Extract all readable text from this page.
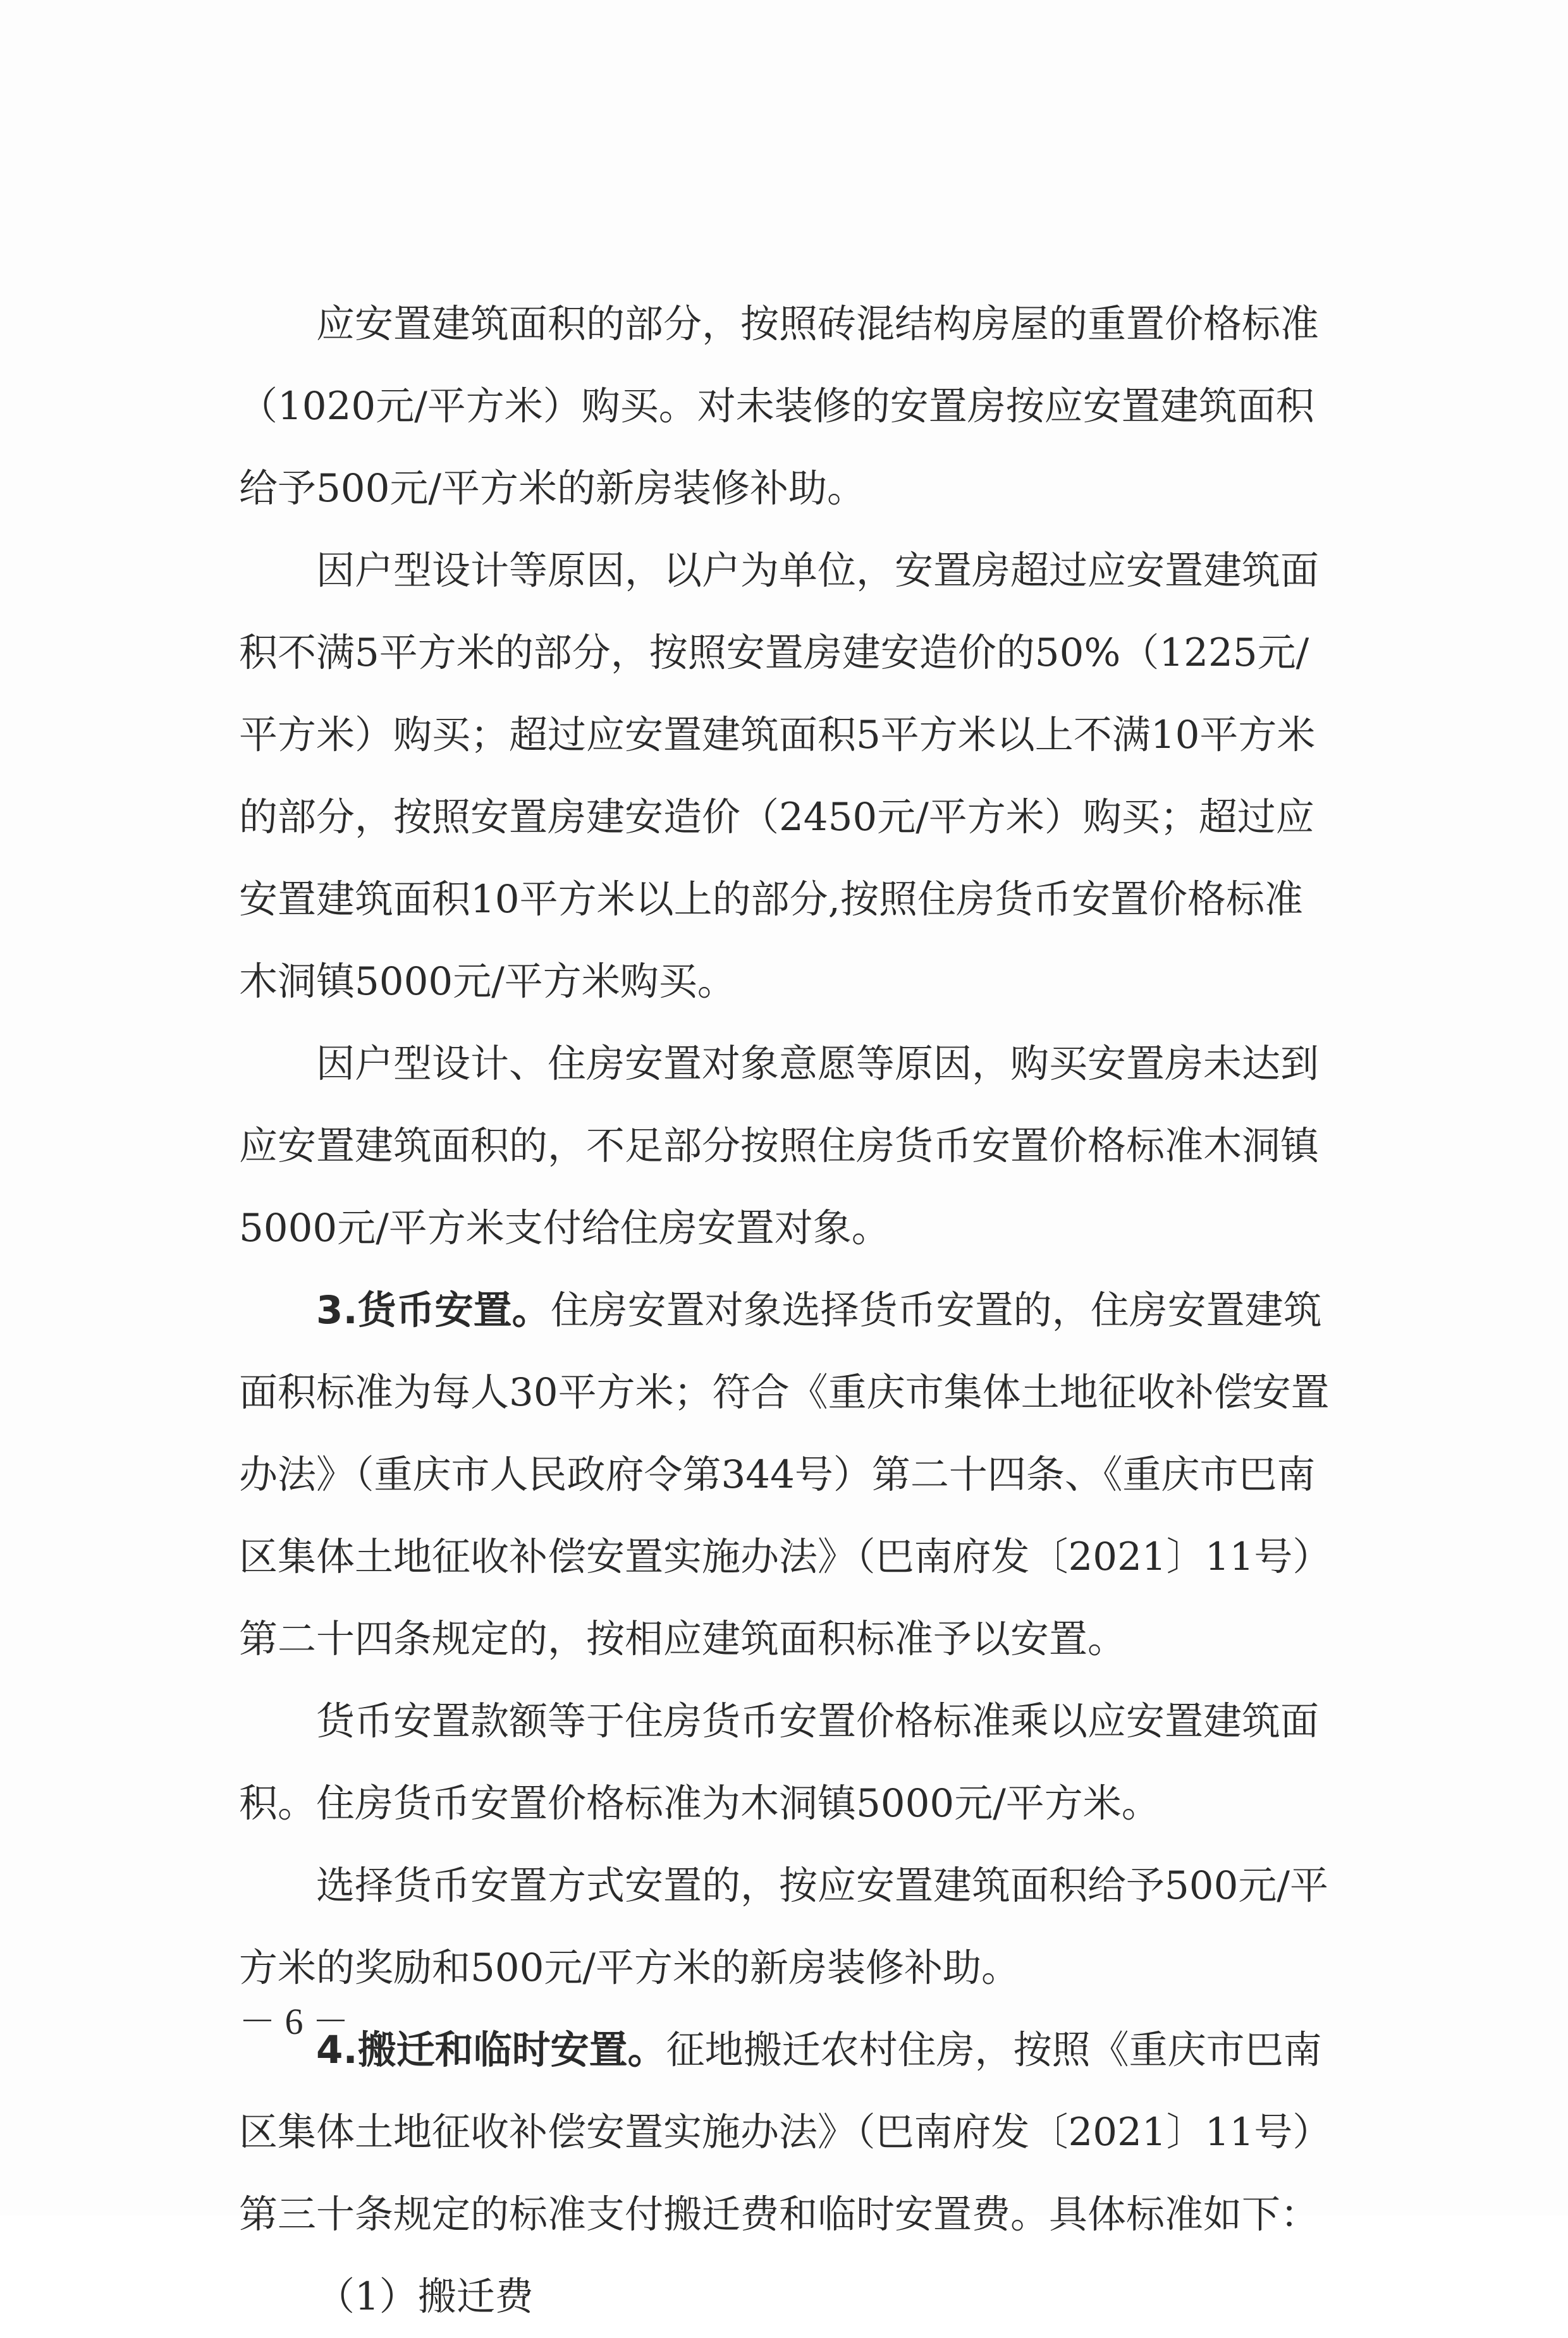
应安置建筑面积的部分，按照砖混结构房屋的重置价格标准
（1020元/平方米）购买。对未装修的安置房按应安置建筑面积
给予500元/平方米的新房装修补助。
因户型设计等原因，以户为单位，安置房超过应安置建筑面
积不满5平方米的部分，按照安置房建安造价的50%（1225元/
平方米）购买；超过应安置建筑面积5平方米以上不满10平方米
的部分，按照安置房建安造价（2450元/平方米）购买；超过应
安置建筑面积10平方米以上的部分,按照住房货币安置价格标准
木洞镇5000元/平方米购买。
因户型设计、住房安置对象意愿等原因，购买安置房未达到
应安置建筑面积的，不足部分按照住房货币安置价格标准木洞镇
5000元/平方米支付给住房安置对象。
3.货币安置。住房安置对象选择货币安置的，住房安置建筑
面积标准为每人30平方米；符合《重庆市集体土地征收补偿安置
办法》（重庆市人民政府令第344号）第二十四条、《重庆市巴南
区集体土地征收补偿安置实施办法》（巴南府发〔2021〕11号）
第二十四条规定的，按相应建筑面积标准予以安置。
货币安置款额等于住房货币安置价格标准乘以应安置建筑面
积。住房货币安置价格标准为木洞镇5000元/平方米。
选择货币安置方式安置的，按应安置建筑面积给予500元/平
方米的奖励和500元/平方米的新房装修补助。
4.搬迁和临时安置。征地搬迁农村住房，按照《重庆市巴南
区集体土地征收补偿安置实施办法》（巴南府发〔2021〕11号）
第三十条规定的标准支付搬迁费和临时安置费。具体标准如下：
（1）搬迁费
－ 6 －
